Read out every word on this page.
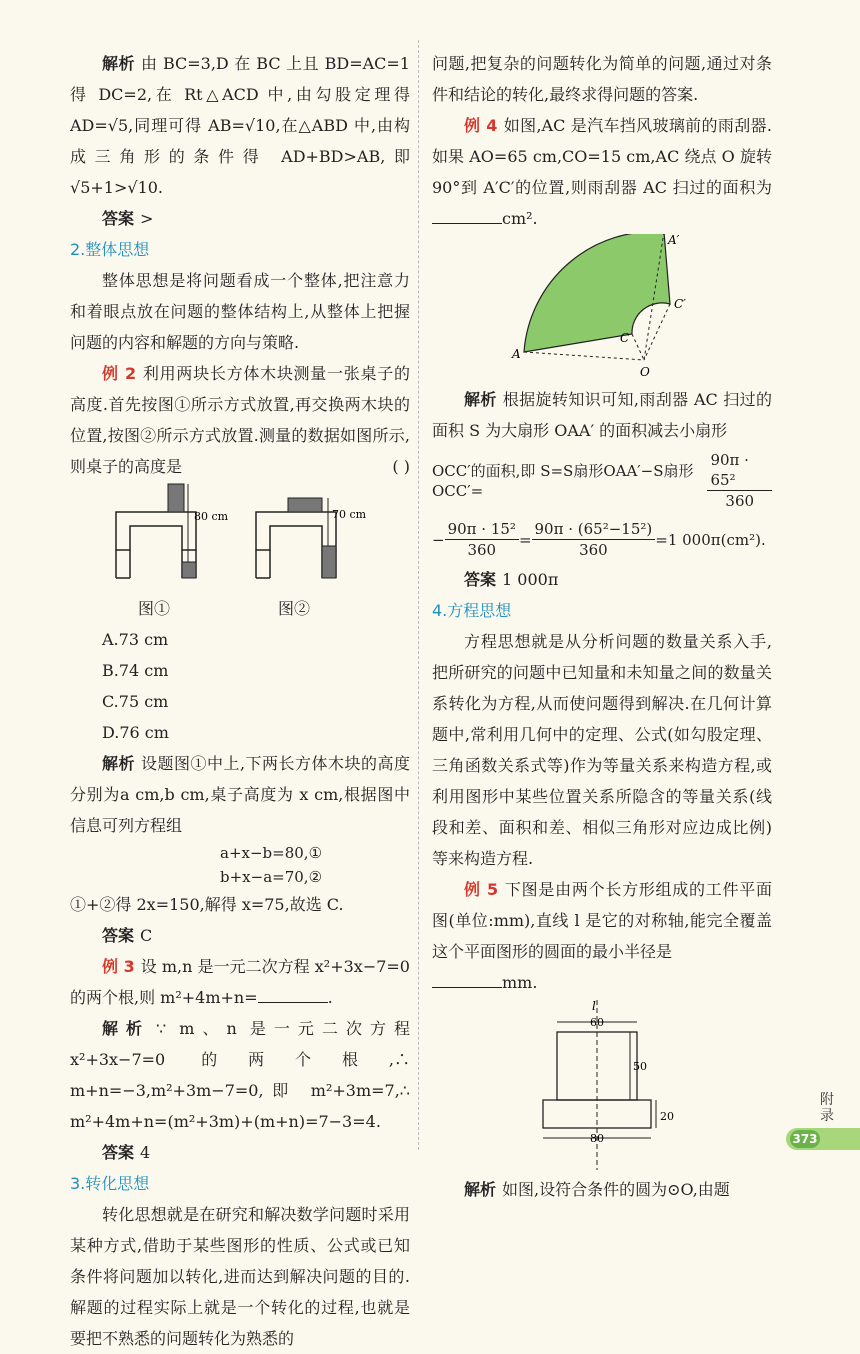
解析 由 BC=3,D 在 BC 上且 BD=AC=1 得 DC=2,在 Rt△ACD 中,由勾股定理得 AD=√5,同理可得 AB=√10,在△ABD 中,由构成三角形的条件得 AD+BD>AB,即√5+1>√10.

答案 >

2.整体思想

整体思想是将问题看成一个整体,把注意力和着眼点放在问题的整体结构上,从整体上把握问题的内容和解题的方向与策略.

例 2 利用两块长方体木块测量一张桌子的高度.首先按图①所示方式放置,再交换两木块的位置,按图②所示方式放置.测量的数据如图所示,则桌子的高度是	( )

80 cm	70 cm
图①	图②
A.73 cm
B.74 cm
C.75 cm
D.76 cm

解析 设题图①中上,下两长方体木块的高度分别为a cm,b cm,桌子高度为 x cm,根据图中信息可列方程组

a+x−b=80,①
b+x−a=70,②

①+②得 2x=150,解得 x=75,故选 C.

答案 C

例 3 设 m,n 是一元二次方程 x²+3x−7=0 的两个根,则 m²+4m+n=	.

解析 ∵ m、n 是一元二次方程 x²+3x−7=0 的两个根,∴ m+n=−3,m²+3m−7=0,即 m²+3m=7,∴ m²+4m+n=(m²+3m)+(m+n)=7−3=4.

答案 4

3.转化思想

转化思想就是在研究和解决数学问题时采用某种方式,借助于某些图形的性质、公式或已知条件将问题加以转化,进而达到解决问题的目的.解题的过程实际上就是一个转化的过程,也就是要把不熟悉的问题转化为熟悉的

问题,把复杂的问题转化为简单的问题,通过对条件和结论的转化,最终求得问题的答案.

例 4 如图,AC 是汽车挡风玻璃前的雨刮器.如果 AO=65 cm,CO=15 cm,AC 绕点 O 旋转 90°到 A′C′的位置,则雨刮器 AC 扫过的面积为cm².

A
A′
C
C′
O

解析 根据旋转知识可知,雨刮器 AC 扫过的面积 S 为大扇形 OAA′ 的面积减去小扇形

OCC′的面积,即 S=S扇形OAA′−S扇形OCC′=	$\frac{\text{90π · 65²}}{360}$
− $\frac{\text{90π · 15²}}{360} = \frac{\text{90π · (65²−15²)}}{360} =1$ 000π(cm²).

答案 1 000π

4.方程思想

方程思想就是从分析问题的数量关系入手,把所研究的问题中已知量和未知量之间的数量关系转化为方程,从而使问题得到解决.在几何计算题中,常利用几何中的定理、公式(如勾股定理、三角函数关系式等)作为等量关系来构造方程,或利用图形中某些位置关系所隐含的等量关系(线段和差、面积和差、相似三角形对应边成比例)等来构造方程.

例 5 下图是由两个长方形组成的工件平面图(单位:mm),直线 l 是它的对称轴,能完全覆盖这个平面图形的圆面的最小半径是

mm.

l
60
50
20
80

解析 如图,设符合条件的圆为⊙O,由题

附录
373
